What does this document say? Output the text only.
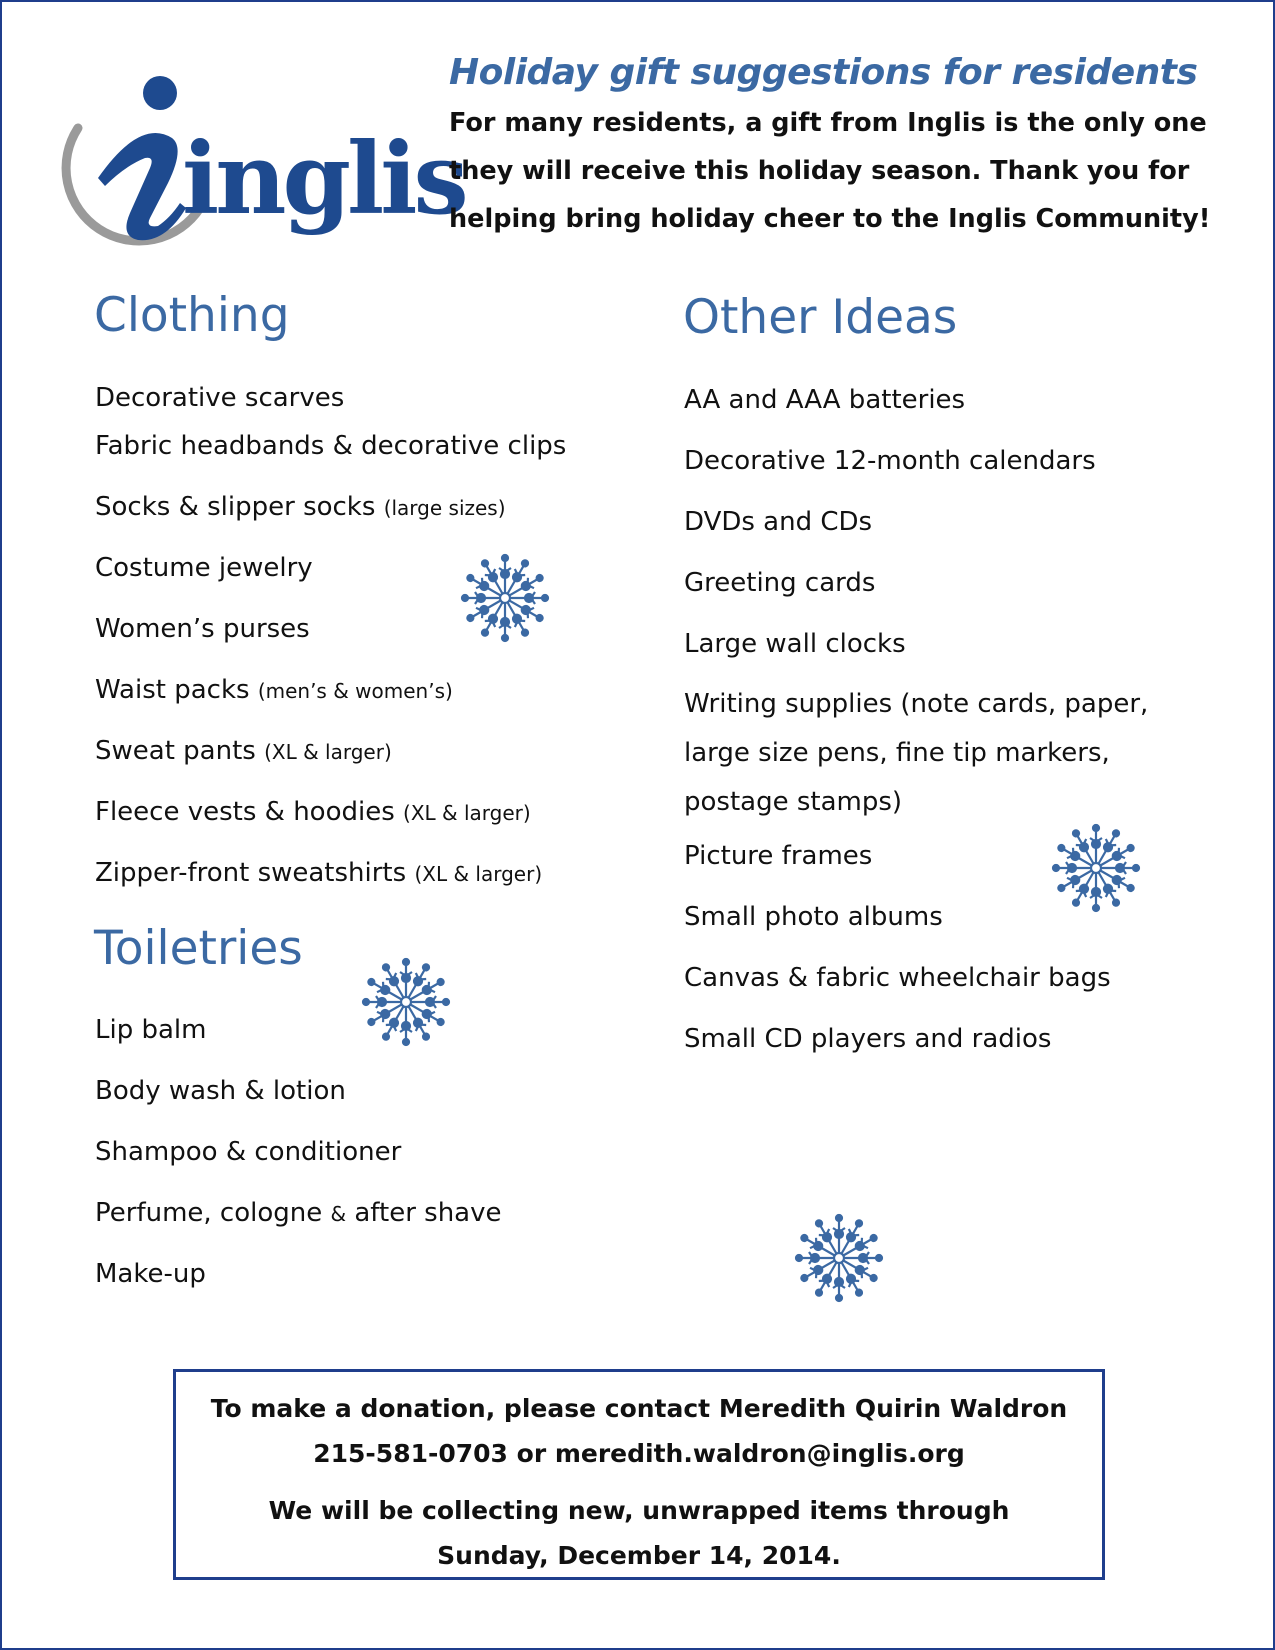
inglis
Holiday gift suggestions for residents

For many residents, a gift from Inglis is the only one
they will receive this holiday season. Thank you for
helping bring holiday cheer to the Inglis Community!

Clothing
Decorative scarves
Fabric headbands & decorative clips
Socks & slipper socks (large sizes)
Costume jewelry
Women’s purses
Waist packs (men’s & women’s)
Sweat pants (XL & larger)
Fleece vests & hoodies (XL & larger)
Zipper-front sweatshirts (XL & larger)
Toiletries
Lip balm
Body wash & lotion
Shampoo & conditioner
Perfume, cologne & after shave
Make-up
Other Ideas
AA and AAA batteries
Decorative 12-month calendars
DVDs and CDs
Greeting cards
Large wall clocks
Writing supplies (note cards, paper,
large size pens, fine tip markers,
postage stamps)
Picture frames
Small photo albums
Canvas & fabric wheelchair bags
Small CD players and radios

To make a donation, please contact Meredith Quirin Waldron

215-581-0703 or meredith.waldron@inglis.org

We will be collecting new, unwrapped items through

Sunday, December 14, 2014.
